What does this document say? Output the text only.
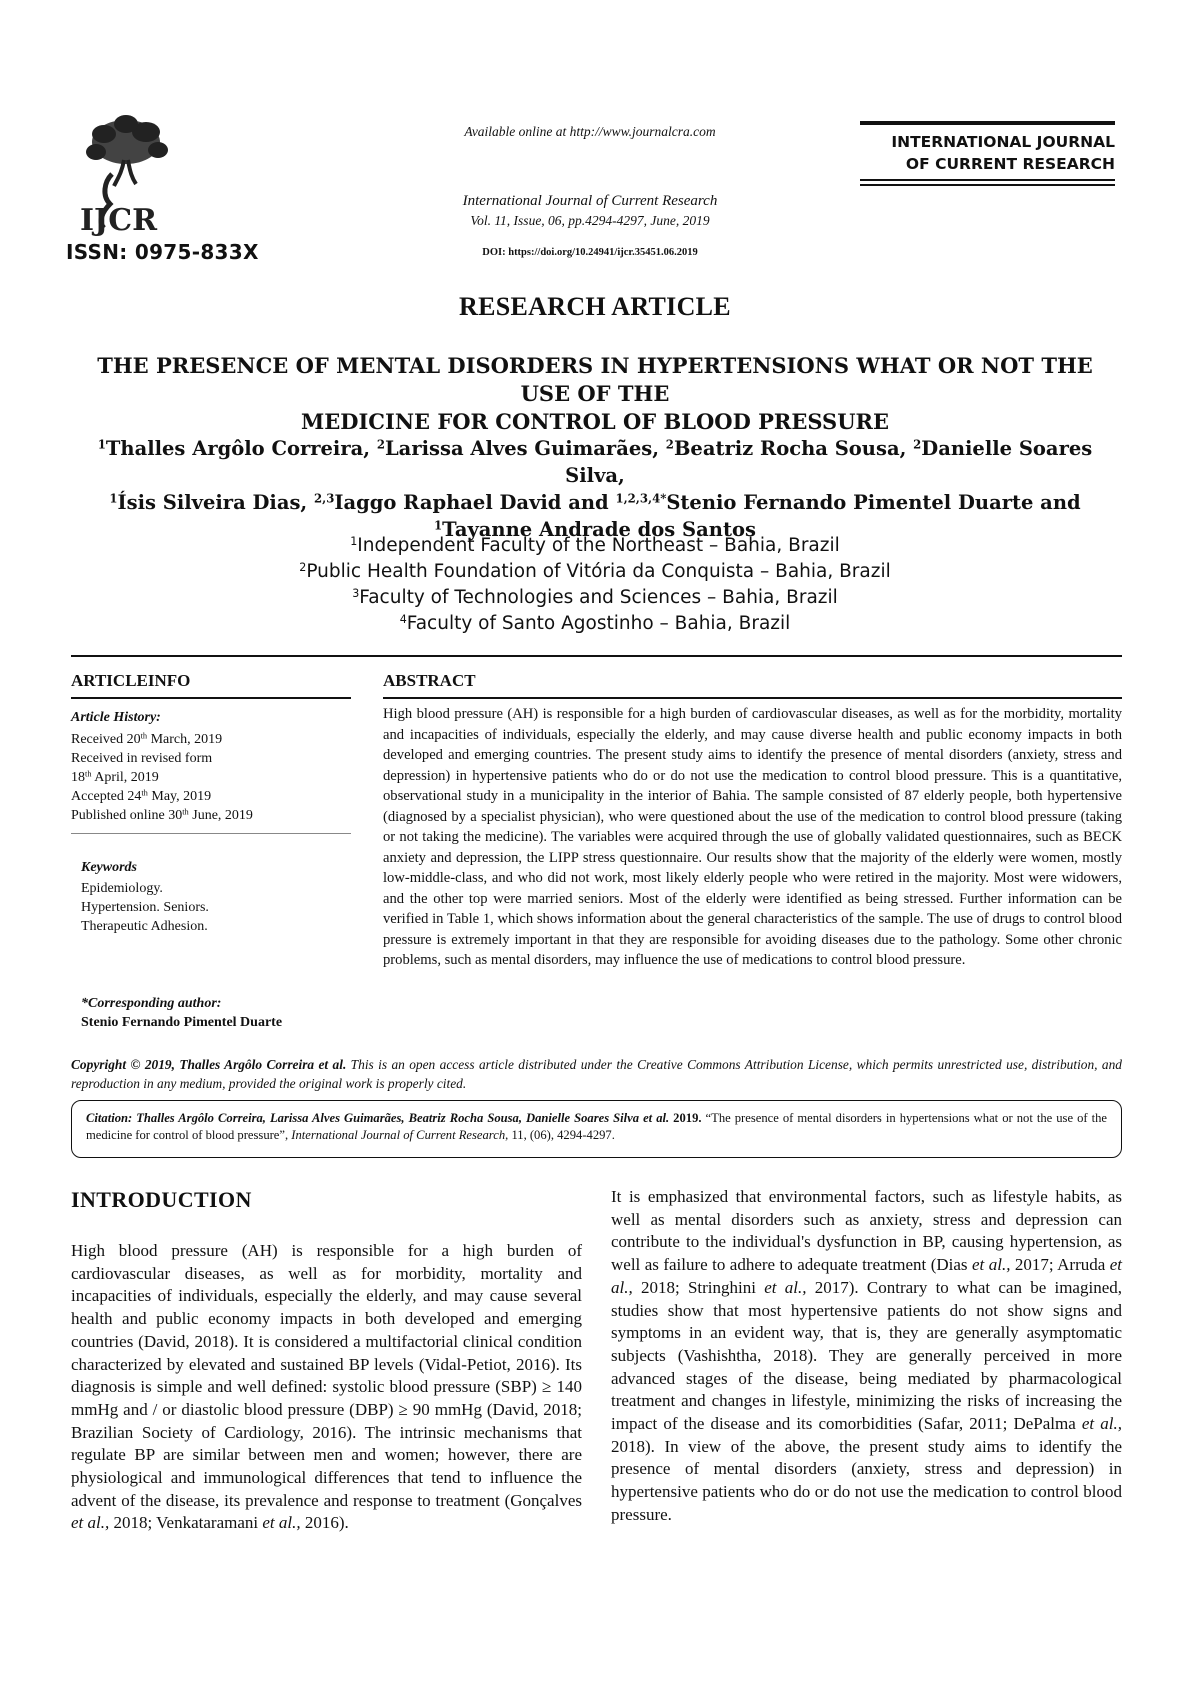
IJCR
ISSN: 0975-833X
Available online at http://www.journalcra.com
International Journal of Current Research
Vol. 11, Issue, 06, pp.4294-4297, June, 2019
DOI: https://doi.org/10.24941/ijcr.35451.06.2019
INTERNATIONAL JOURNAL
OF CURRENT RESEARCH
RESEARCH ARTICLE
THE PRESENCE OF MENTAL DISORDERS IN HYPERTENSIONS WHAT OR NOT THE USE OF THE
MEDICINE FOR CONTROL OF BLOOD PRESSURE
$^1$Thalles Argôlo Correira, $^2$Larissa Alves Guimarães, $^2$Beatriz Rocha Sousa, $^2$Danielle Soares Silva,
$^1$Ísis Silveira Dias, $^{2,3}$Iaggo Raphael David and $^{1,2,3,4*}$Stenio Fernando Pimentel Duarte and
$^1$Tayanne Andrade dos Santos
$^1$Independent Faculty of the Northeast – Bahia, Brazil
$^2$Public Health Foundation of Vitória da Conquista – Bahia, Brazil
$^3$Faculty of Technologies and Sciences – Bahia, Brazil
$^4$Faculty of Santo Agostinho – Bahia, Brazil
ARTICLEINFO
Article History:
Received 20th March, 2019
Received in revised form
18th April, 2019
Accepted 24th May, 2019
Published online 30th June, 2019
Keywords
Epidemiology.
Hypertension. Seniors.
Therapeutic Adhesion.
*Corresponding author:
Stenio Fernando Pimentel Duarte
ABSTRACT
High blood pressure (AH) is responsible for a high burden of cardiovascular diseases, as well as for the morbidity, mortality and incapacities of individuals, especially the elderly, and may cause diverse health and public economy impacts in both developed and emerging countries. The present study aims to identify the presence of mental disorders (anxiety, stress and depression) in hypertensive patients who do or do not use the medication to control blood pressure. This is a quantitative, observational study in a municipality in the interior of Bahia. The sample consisted of 87 elderly people, both hypertensive (diagnosed by a specialist physician), who were questioned about the use of the medication to control blood pressure (taking or not taking the medicine). The variables were acquired through the use of globally validated questionnaires, such as BECK anxiety and depression, the LIPP stress questionnaire. Our results show that the majority of the elderly were women, mostly low-middle-class, and who did not work, most likely elderly people who were retired in the majority. Most were widowers, and the other top were married seniors. Most of the elderly were identified as being stressed. Further information can be verified in Table 1, which shows information about the general characteristics of the sample. The use of drugs to control blood pressure is extremely important in that they are responsible for avoiding diseases due to the pathology. Some other chronic problems, such as mental disorders, may influence the use of medications to control blood pressure.
Copyright © 2019, Thalles Argôlo Correira et al. This is an open access article distributed under the Creative Commons Attribution License, which permits unrestricted use, distribution, and reproduction in any medium, provided the original work is properly cited.
Citation: Thalles Argôlo Correira, Larissa Alves Guimarães, Beatriz Rocha Sousa, Danielle Soares Silva et al. 2019. “The presence of mental disorders in hypertensions what or not the use of the medicine for control of blood pressure”, International Journal of Current Research, 11, (06), 4294-4297.
INTRODUCTION
High blood pressure (AH) is responsible for a high burden of cardiovascular diseases, as well as for morbidity, mortality and incapacities of individuals, especially the elderly, and may cause several health and public economy impacts in both developed and emerging countries (David, 2018). It is considered a multifactorial clinical condition characterized by elevated and sustained BP levels (Vidal-Petiot, 2016). Its diagnosis is simple and well defined: systolic blood pressure (SBP) ≥ 140 mmHg and / or diastolic blood pressure (DBP) ≥ 90 mmHg (David, 2018; Brazilian Society of Cardiology, 2016). The intrinsic mechanisms that regulate BP are similar between men and women; however, there are physiological and immunological differences that tend to influence the advent of the disease, its prevalence and response to treatment (Gonçalves et al., 2018; Venkataramani et al., 2016).
It is emphasized that environmental factors, such as lifestyle habits, as well as mental disorders such as anxiety, stress and depression can contribute to the individual's dysfunction in BP, causing hypertension, as well as failure to adhere to adequate treatment (Dias et al., 2017; Arruda et al., 2018; Stringhini et al., 2017). Contrary to what can be imagined, studies show that most hypertensive patients do not show signs and symptoms in an evident way, that is, they are generally asymptomatic subjects (Vashishtha, 2018). They are generally perceived in more advanced stages of the disease, being mediated by pharmacological treatment and changes in lifestyle, minimizing the risks of increasing the impact of the disease and its comorbidities (Safar, 2011; DePalma et al., 2018). In view of the above, the present study aims to identify the presence of mental disorders (anxiety, stress and depression) in hypertensive patients who do or do not use the medication to control blood pressure.
